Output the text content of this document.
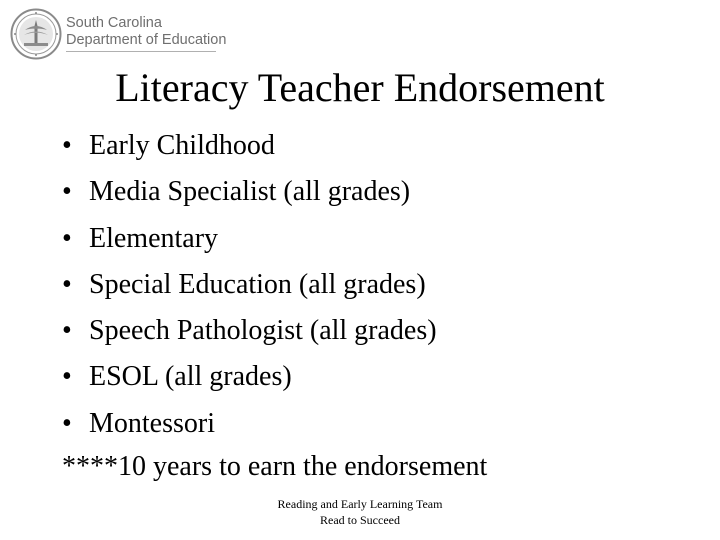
South Carolina
Department of Education
Literacy Teacher Endorsement
• Early Childhood
• Media Specialist (all grades)
• Elementary
• Special Education (all grades)
• Speech Pathologist (all grades)
• ESOL (all grades)
• Montessori
****10 years to earn the endorsement
Reading and Early Learning Team
Read to Succeed
